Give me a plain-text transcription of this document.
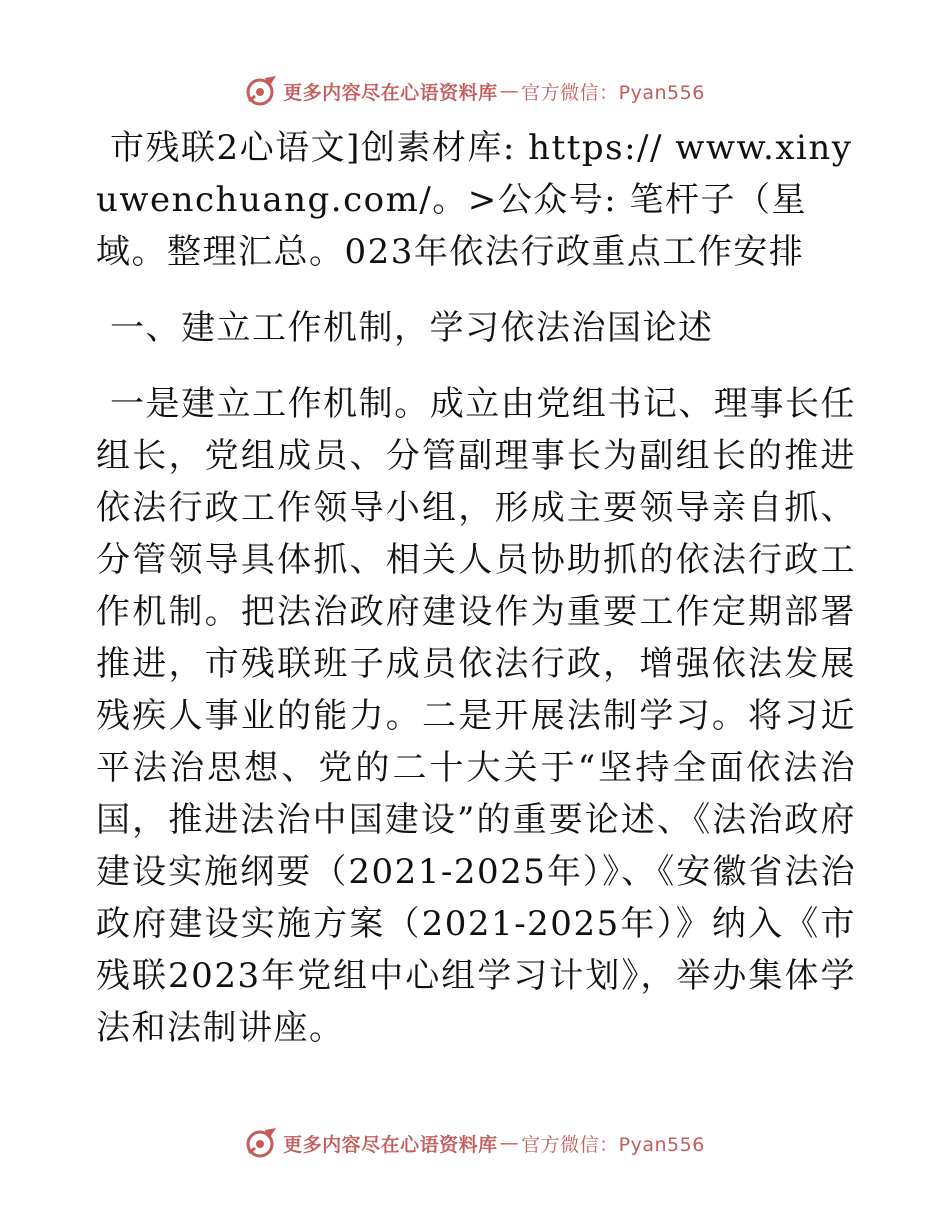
更多内容尽在心语资料库 — 官方微信：Pyan556

市残联2心语文]创素材库: https:// www.xinyuwenchuang.com/。>公众号: 笔杆子（星域。整理汇总。023年依法行政重点工作安排

一、建立工作机制，学习依法治国论述

一是建立工作机制。成立由党组书记、理事长任组长，党组成员、分管副理事长为副组长的推进依法行政工作领导小组，形成主要领导亲自抓、分管领导具体抓、相关人员协助抓的依法行政工作机制。把法治政府建设作为重要工作定期部署推进，市残联班子成员依法行政，增强依法发展残疾人事业的能力。二是开展法制学习。将习近平法治思想、党的二十大关于“坚持全面依法治国，推进法治中国建设”的重要论述、《法治政府建设实施纲要（2021-2025年）》、《安徽省法治政府建设实施方案（2021-2025年）》纳入《市残联2023年党组中心组学习计划》，举办集体学法和法制讲座。

更多内容尽在心语资料库 — 官方微信：Pyan556
